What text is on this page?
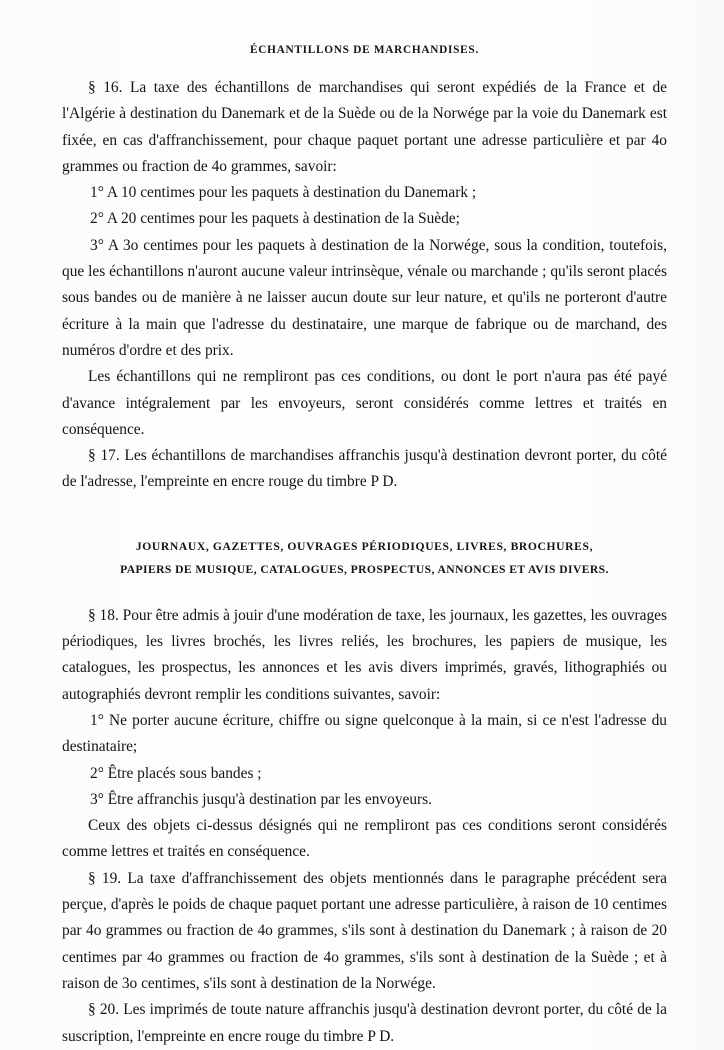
ÉCHANTILLONS DE MARCHANDISES.

§ 16. La taxe des échantillons de marchandises qui seront expédiés de la France et de l'Algérie à destination du Danemark et de la Suède ou de la Norwége par la voie du Danemark est fixée, en cas d'affranchissement, pour chaque paquet portant une adresse particulière et par 4o grammes ou fraction de 4o grammes, savoir:

1° A 10 centimes pour les paquets à destination du Danemark ;

2° A 20 centimes pour les paquets à destination de la Suède;

3° A 3o centimes pour les paquets à destination de la Norwége, sous la condition, toutefois, que les échantillons n'auront aucune valeur intrinsèque, vénale ou marchande ; qu'ils seront placés sous bandes ou de manière à ne laisser aucun doute sur leur nature, et qu'ils ne porteront d'autre écriture à la main que l'adresse du destinataire, une marque de fabrique ou de marchand, des numéros d'ordre et des prix.

Les échantillons qui ne rempliront pas ces conditions, ou dont le port n'aura pas été payé d'avance intégralement par les envoyeurs, seront considérés comme lettres et traités en conséquence.

§ 17. Les échantillons de marchandises affranchis jusqu'à destination devront porter, du côté de l'adresse, l'empreinte en encre rouge du timbre P D.

JOURNAUX, GAZETTES, OUVRAGES PÉRIODIQUES, LIVRES, BROCHURES,
PAPIERS DE MUSIQUE, CATALOGUES, PROSPECTUS, ANNONCES ET AVIS DIVERS.

§ 18. Pour être admis à jouir d'une modération de taxe, les journaux, les gazettes, les ouvrages périodiques, les livres brochés, les livres reliés, les brochures, les papiers de musique, les catalogues, les prospectus, les annonces et les avis divers imprimés, gravés, lithographiés ou autographiés devront remplir les conditions suivantes, savoir:

1° Ne porter aucune écriture, chiffre ou signe quelconque à la main, si ce n'est l'adresse du destinataire;

2° Être placés sous bandes ;

3° Être affranchis jusqu'à destination par les envoyeurs.

Ceux des objets ci-dessus désignés qui ne rempliront pas ces conditions seront considérés comme lettres et traités en conséquence.

§ 19. La taxe d'affranchissement des objets mentionnés dans le paragraphe précédent sera perçue, d'après le poids de chaque paquet portant une adresse particulière, à raison de 10 centimes par 4o grammes ou fraction de 4o grammes, s'ils sont à destination du Danemark ; à raison de 20 centimes par 4o grammes ou fraction de 4o grammes, s'ils sont à destination de la Suède ; et à raison de 3o centimes, s'ils sont à destination de la Norwége.

§ 20. Les imprimés de toute nature affranchis jusqu'à destination devront porter, du côté de la suscription, l'empreinte en encre rouge du timbre P D.
